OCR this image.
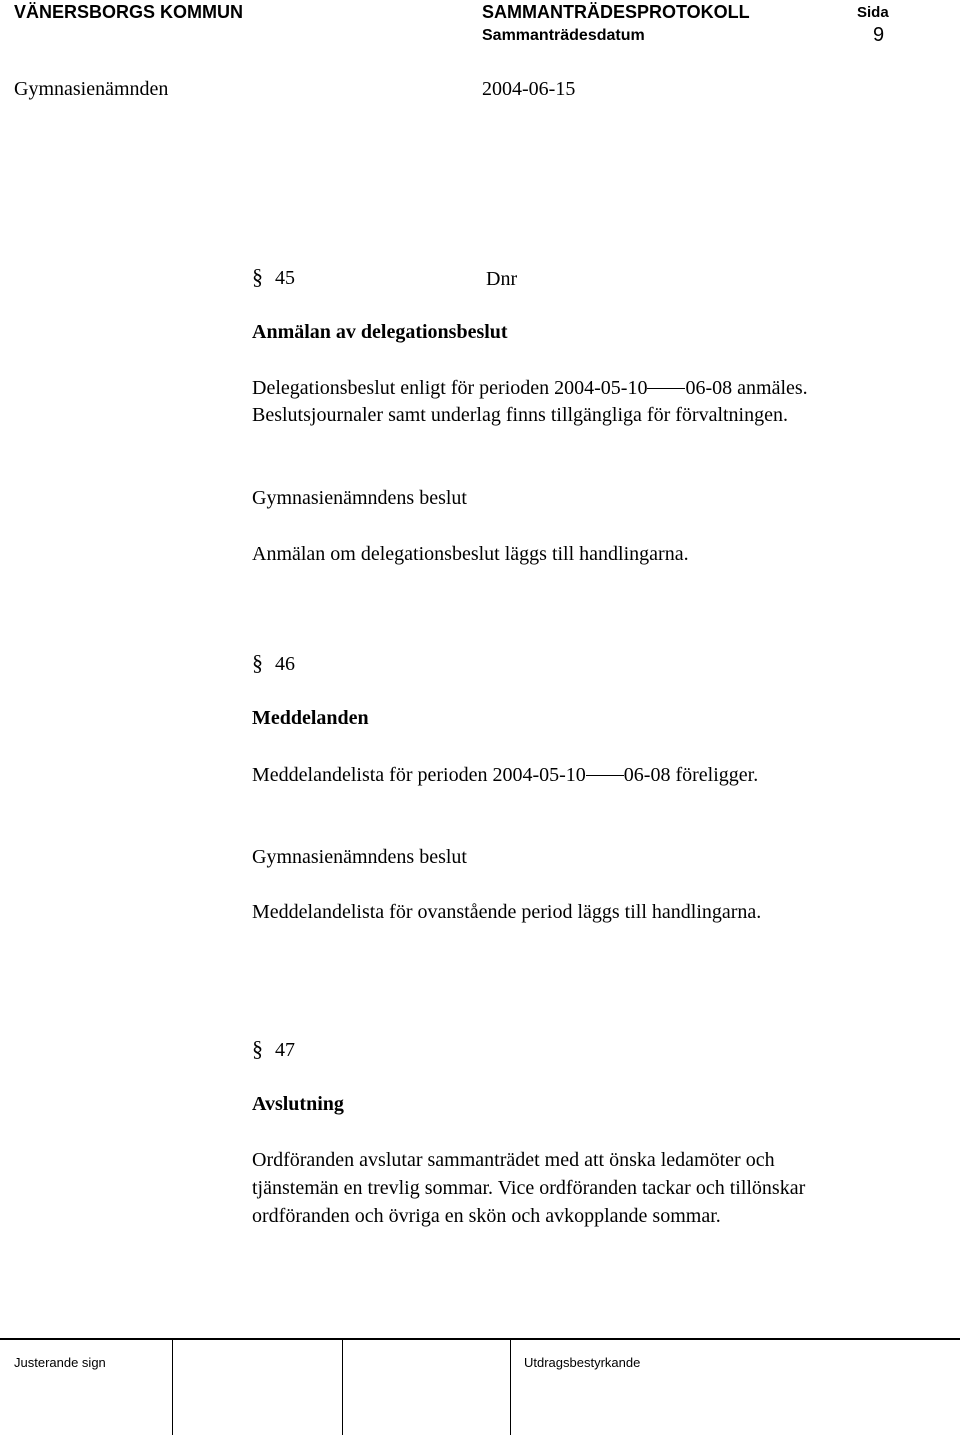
VÄNERSBORGS KOMMUN	SAMMANTRÄDESPROTOKOLL	Sida
Sammanträdesdatum	9
Gymnasienämnden	2004-06-15
§ 45	Dnr
Anmälan av delegationsbeslut
Delegationsbeslut enligt för perioden 2004-05-10 06-08 anmäles.
Beslutsjournaler samt underlag finns tillgängliga för förvaltningen.
Gymnasienämndens beslut
Anmälan om delegationsbeslut läggs till handlingarna.
§ 46
Meddelanden
Meddelandelista för perioden 2004-05-10 06-08 föreligger.
Gymnasienämndens beslut
Meddelandelista för ovanstående period läggs till handlingarna.
§ 47
Avslutning
Ordföranden avslutar sammanträdet med att önska ledamöter och
tjänstemän en trevlig sommar. Vice ordföranden tackar och tillönskar
ordföranden och övriga en skön och avkopplande sommar.
Justerande sign	Utdragsbestyrkande
